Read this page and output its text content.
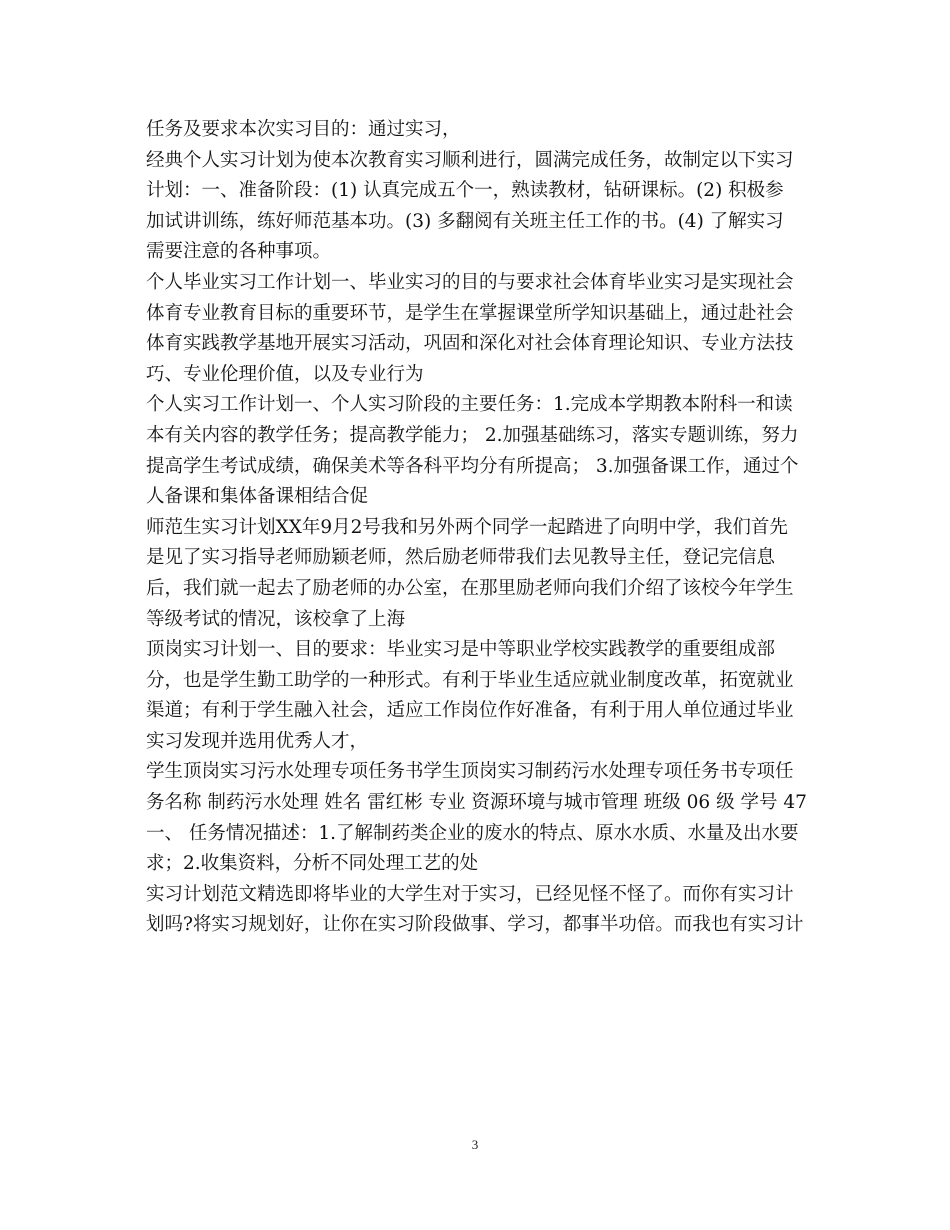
任务及要求本次实习目的：通过实习，
经典个人实习计划为使本次教育实习顺利进行，圆满完成任务，故制定以下实习
计划：一、准备阶段：(1) 认真完成五个一，熟读教材，钻研课标。(2) 积极参
加试讲训练，练好师范基本功。(3) 多翻阅有关班主任工作的书。(4) 了解实习
需要注意的各种事项。
个人毕业实习工作计划一、毕业实习的目的与要求社会体育毕业实习是实现社会
体育专业教育目标的重要环节，是学生在掌握课堂所学知识基础上，通过赴社会
体育实践教学基地开展实习活动，巩固和深化对社会体育理论知识、专业方法技
巧、专业伦理价值，以及专业行为
个人实习工作计划一、个人实习阶段的主要任务：1.完成本学期教本附科一和读
本有关内容的教学任务；提高教学能力； 2.加强基础练习，落实专题训练，努力
提高学生考试成绩，确保美术等各科平均分有所提高； 3.加强备课工作，通过个
人备课和集体备课相结合促
师范生实习计划XX年9月2号我和另外两个同学一起踏进了向明中学，我们首先
是见了实习指导老师励颖老师，然后励老师带我们去见教导主任，登记完信息
后，我们就一起去了励老师的办公室，在那里励老师向我们介绍了该校今年学生
等级考试的情况，该校拿了上海
顶岗实习计划一、目的要求：毕业实习是中等职业学校实践教学的重要组成部
分，也是学生勤工助学的一种形式。有利于毕业生适应就业制度改革，拓宽就业
渠道；有利于学生融入社会，适应工作岗位作好准备，有利于用人单位通过毕业
实习发现并选用优秀人才，
学生顶岗实习污水处理专项任务书学生顶岗实习制药污水处理专项任务书专项任
务名称 制药污水处理 姓名 雷红彬 专业 资源环境与城市管理 班级 06 级 学号 47
一、 任务情况描述：1.了解制药类企业的废水的特点、原水水质、水量及出水要
求；2.收集资料，分析不同处理工艺的处
实习计划范文精选即将毕业的大学生对于实习，已经见怪不怪了。而你有实习计
划吗?将实习规划好，让你在实习阶段做事、学习，都事半功倍。而我也有实习计
3
